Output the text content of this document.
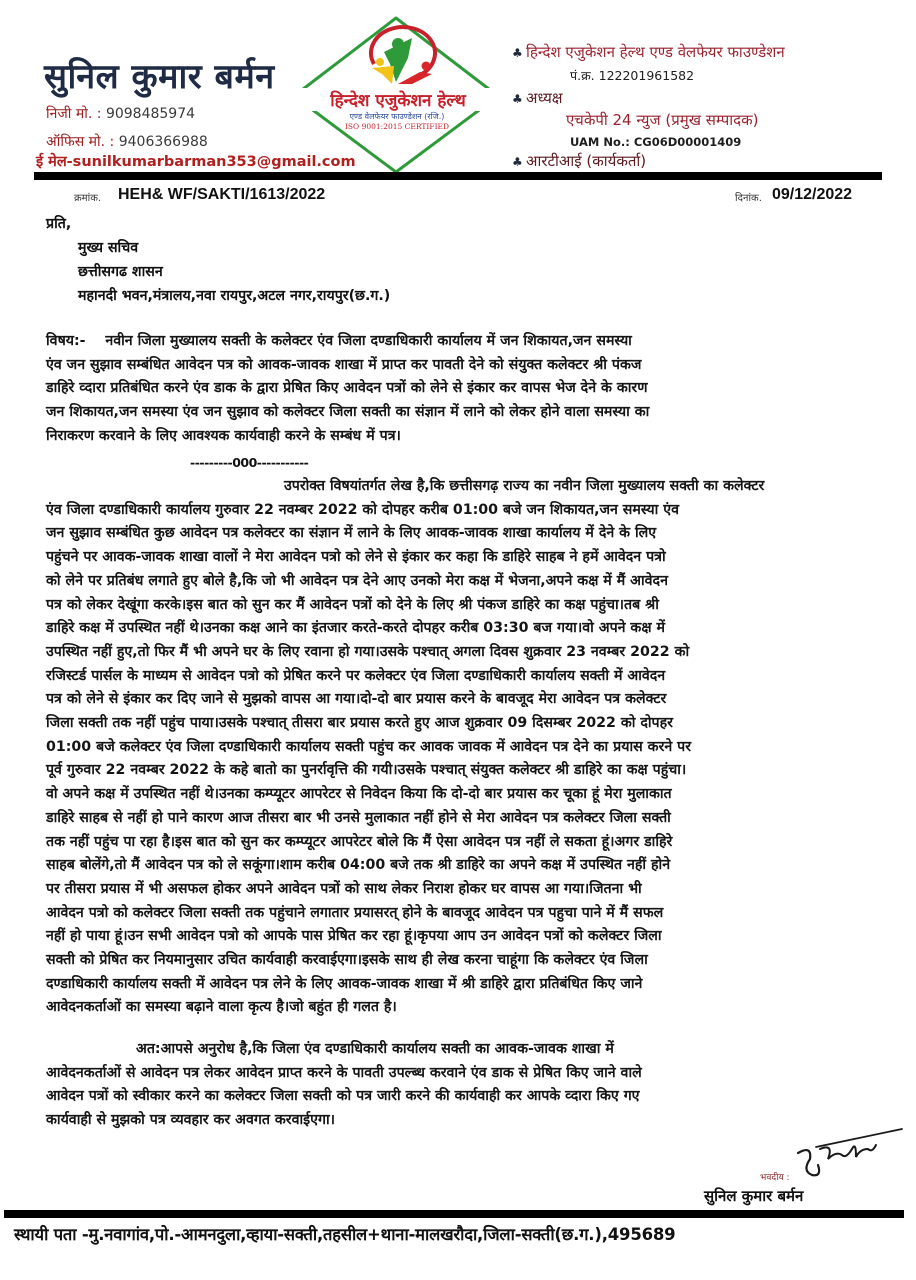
सुनिल कुमार बर्मन
निजी मो. : 9098485974
ऑफिस मो. : 9406366988
ई मेल-sunilkumarbarman353@gmail.com
हिन्देश एजुकेशन हेल्थ
एण्ड वेलफेयर फाउण्डेशन (रजि.)
ISO 9001:2015 CERTIFIED
♣ हिन्देश एजुकेशन हेल्थ एण्ड वेलफेयर फाउण्डेशन
पं.क्र. 122201961582
♣ अध्यक्ष
एचकेपी 24 न्युज (प्रमुख सम्पादक)
UAM No.: CG06D00001409
♣ आरटीआई (कार्यकर्ता)
क्रमांक. HEH& WF/SAKTI/1613/2022	दिनांक. 09/12/2022
प्रति,
मुख्य सचिव
छत्तीसगढ शासन
महानदी भवन,मंत्रालय,नवा रायपुर,अटल नगर,रायपुर(छ.ग.)
विषय:- नवीन जिला मुख्यालय सक्ती के कलेक्टर एंव जिला दण्डाधिकारी कार्यालय में जन शिकायत,जन समस्या
एंव जन सुझाव सम्बंधित आवेदन पत्र को आवक-जावक शाखा में प्राप्त कर पावती देने को संयुक्त कलेक्टर श्री पंकज
डाहिरे व्दारा प्रतिबंधित करने एंव डाक के द्वारा प्रेषित किए आवेदन पत्रों को लेने से इंकार कर वापस भेज देने के कारण
जन शिकायत,जन समस्या एंव जन सुझाव को कलेक्टर जिला सक्ती का संज्ञान में लाने को लेकर होने वाला समस्या का
निराकरण करवाने के लिए आवश्यक कार्यवाही करने के सम्बंध में पत्र।
---------000-----------
उपरोक्त विषयांतर्गत लेख है,कि छत्तीसगढ़ राज्य का नवीन जिला मुख्यालय सक्ती का कलेक्टर
एंव जिला दण्डाधिकारी कार्यालय गुरुवार 22 नवम्बर 2022 को दोपहर करीब 01:00 बजे जन शिकायत,जन समस्या एंव
जन सुझाव सम्बंधित कुछ आवेदन पत्र कलेक्टर का संज्ञान में लाने के लिए आवक-जावक शाखा कार्यालय में देने के लिए
पहुंचने पर आवक-जावक शाखा वालों ने मेरा आवेदन पत्रो को लेने से इंकार कर कहा कि डाहिरे साहब ने हमें आवेदन पत्रो
को लेने पर प्रतिबंध लगाते हुए बोले है,कि जो भी आवेदन पत्र देने आए उनको मेरा कक्ष में भेजना,अपने कक्ष में मैं आवेदन
पत्र को लेकर देखूंगा करके।इस बात को सुन कर मैं आवेदन पत्रों को देने के लिए श्री पंकज डाहिरे का कक्ष पहुंचा।तब श्री
डाहिरे कक्ष में उपस्थित नहीं थे।उनका कक्ष आने का इंतजार करते-करते दोपहर करीब 03:30 बज गया।वो अपने कक्ष में
उपस्थित नहीं हुए,तो फिर मैं भी अपने घर के लिए रवाना हो गया।उसके पश्चात् अगला दिवस शुक्रवार 23 नवम्बर 2022 को
रजिस्टर्ड पार्सल के माध्यम से आवेदन पत्रो को प्रेषित करने पर कलेक्टर एंव जिला दण्डाधिकारी कार्यालय सक्ती में आवेदन
पत्र को लेने से इंकार कर दिए जाने से मुझको वापस आ गया।दो-दो बार प्रयास करने के बावजूद मेरा आवेदन पत्र कलेक्टर
जिला सक्ती तक नहीं पहुंच पाया।उसके पश्चात् तीसरा बार प्रयास करते हुए आज शुक्रवार 09 दिसम्बर 2022 को दोपहर
01:00 बजे कलेक्टर एंव जिला दण्डाधिकारी कार्यालय सक्ती पहुंच कर आवक जावक में आवेदन पत्र देने का प्रयास करने पर
पूर्व गुरुवार 22 नवम्बर 2022 के कहे बातो का पुनर्रावृत्ति की गयी।उसके पश्चात् संयुक्त कलेक्टर श्री डाहिरे का कक्ष पहुंचा।
वो अपने कक्ष में उपस्थित नहीं थे।उनका कम्प्यूटर आपरेटर से निवेदन किया कि दो-दो बार प्रयास कर चूका हूं मेरा मुलाकात
डाहिरे साहब से नहीं हो पाने कारण आज तीसरा बार भी उनसे मुलाकात नहीं होने से मेरा आवेदन पत्र कलेक्टर जिला सक्ती
तक नहीं पहुंच पा रहा है।इस बात को सुन कर कम्प्यूटर आपरेटर बोले कि मैं ऐसा आवेदन पत्र नहीं ले सकता हूं।अगर डाहिरे
साहब बोलेंगे,तो मैं आवेदन पत्र को ले सकूंगा।शाम करीब 04:00 बजे तक श्री डाहिरे का अपने कक्ष में उपस्थित नहीं होने
पर तीसरा प्रयास में भी असफल होकर अपने आवेदन पत्रों को साथ लेकर निराश होकर घर वापस आ गया।जितना भी
आवेदन पत्रो को कलेक्टर जिला सक्ती तक पहुंचाने लगातार प्रयासरत् होने के बावजूद आवेदन पत्र पहुचा पाने में मैं सफल
नहीं हो पाया हूं।उन सभी आवेदन पत्रो को आपके पास प्रेषित कर रहा हूं।कृपया आप उन आवेदन पत्रों को कलेक्टर जिला
सक्ती को प्रेषित कर नियमानुसार उचित कार्यवाही करवाईएगा।इसके साथ ही लेख करना चाहूंगा कि कलेक्टर एंव जिला
दण्डाधिकारी कार्यालय सक्ती में आवेदन पत्र लेने के लिए आवक-जावक शाखा में श्री डाहिरे द्वारा प्रतिबंधित किए जाने
आवेदनकर्ताओं का समस्या बढ़ाने वाला कृत्य है।जो बहुंत ही गलत है।
अत:आपसे अनुरोध है,कि जिला एंव दण्डाधिकारी कार्यालय सक्ती का आवक-जावक शाखा में
आवेदनकर्ताओं से आवेदन पत्र लेकर आवेदन प्राप्त करने के पावती उपल्ब्ध करवाने एंव डाक से प्रेषित किए जाने वाले
आवेदन पत्रों को स्वीकार करने का कलेक्टर जिला सक्ती को पत्र जारी करने की कार्यवाही कर आपके व्दारा किए गए
कार्यवाही से मुझको पत्र व्यवहार कर अवगत करवाईएगा।
भवदीय :
सुनिल कुमार बर्मन
स्थायी पता -मु.नवागांव,पो.-आमनदुला,व्हाया-सक्ती,तहसील+थाना-मालखरौदा,जिला-सक्ती(छ.ग.),495689
